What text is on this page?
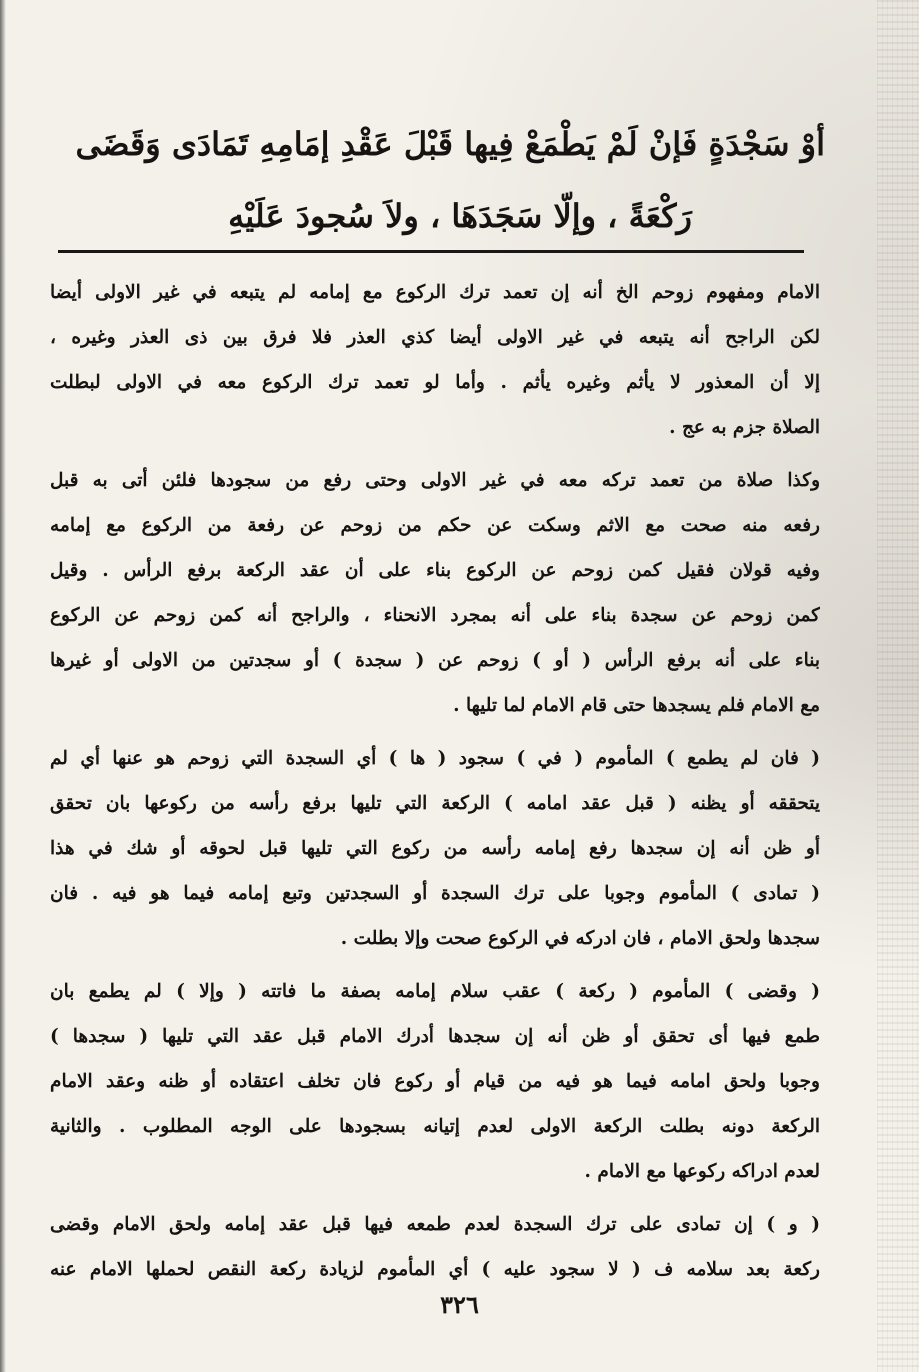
أوْ سَجْدَةٍ فَإنْ لَمْ يَطْمَعْ فِيها قَبْلَ عَقْدِ إمَامِهِ تَمَادَى وَقَضَى
رَكْعَةً ، وإلّا سَجَدَهَا ، ولاَ سُجودَ عَلَيْهِ
الامام ومفهوم زوحم الخ أنه إن تعمد ترك الركوع مع إمامه لم يتبعه في غير الاولى أيضا
لكن الراجح أنه يتبعه في غير الاولى أيضا كذي العذر فلا فرق بين ذى العذر وغيره ،
إلا أن المعذور لا يأثم وغيره يأثم . وأما لو تعمد ترك الركوع معه في الاولى لبطلت
الصلاة جزم به عج .
وكذا صلاة من تعمد تركه معه في غير الاولى وحتى رفع من سجودها فلئن أتى به قبل
رفعه منه صحت مع الاثم وسكت عن حكم من زوحم عن رفعة من الركوع مع إمامه
وفيه قولان فقيل كمن زوحم عن الركوع بناء على أن عقد الركعة برفع الرأس . وقيل
كمن زوحم عن سجدة بناء على أنه بمجرد الانحناء ، والراجح أنه كمن زوحم عن الركوع
بناء على أنه برفع الرأس ( أو ) زوحم عن ( سجدة ) أو سجدتين من الاولى أو غيرها
مع الامام فلم يسجدها حتى قام الامام لما تليها .
( فان لم يطمع ) المأموم ( في ) سجود ( ها ) أي السجدة التي زوحم هو عنها أي لم
يتحققه أو يظنه ( قبل عقد امامه ) الركعة التي تليها برفع رأسه من ركوعها بان تحقق
أو ظن أنه إن سجدها رفع إمامه رأسه من ركوع التي تليها قبل لحوقه أو شك في هذا
( تمادى ) المأموم وجوبا على ترك السجدة أو السجدتين وتبع إمامه فيما هو فيه . فان
سجدها ولحق الامام ، فان ادركه في الركوع صحت وإلا بطلت .
( وقضى ) المأموم ( ركعة ) عقب سلام إمامه بصفة ما فاتته ( وإلا ) لم يطمع بان
طمع فيها أى تحقق أو ظن أنه إن سجدها أدرك الامام قبل عقد التي تليها ( سجدها )
وجوبا ولحق امامه فيما هو فيه من قيام أو ركوع فان تخلف اعتقاده أو ظنه وعقد الامام
الركعة دونه بطلت الركعة الاولى لعدم إتيانه بسجودها على الوجه المطلوب . والثانية
لعدم ادراكه ركوعها مع الامام .
( و ) إن تمادى على ترك السجدة لعدم طمعه فيها قبل عقد إمامه ولحق الامام وقضى
ركعة بعد سلامه ف ( لا سجود عليه ) أي المأموم لزيادة ركعة النقص لحملها الامام عنه
٣٢٦
